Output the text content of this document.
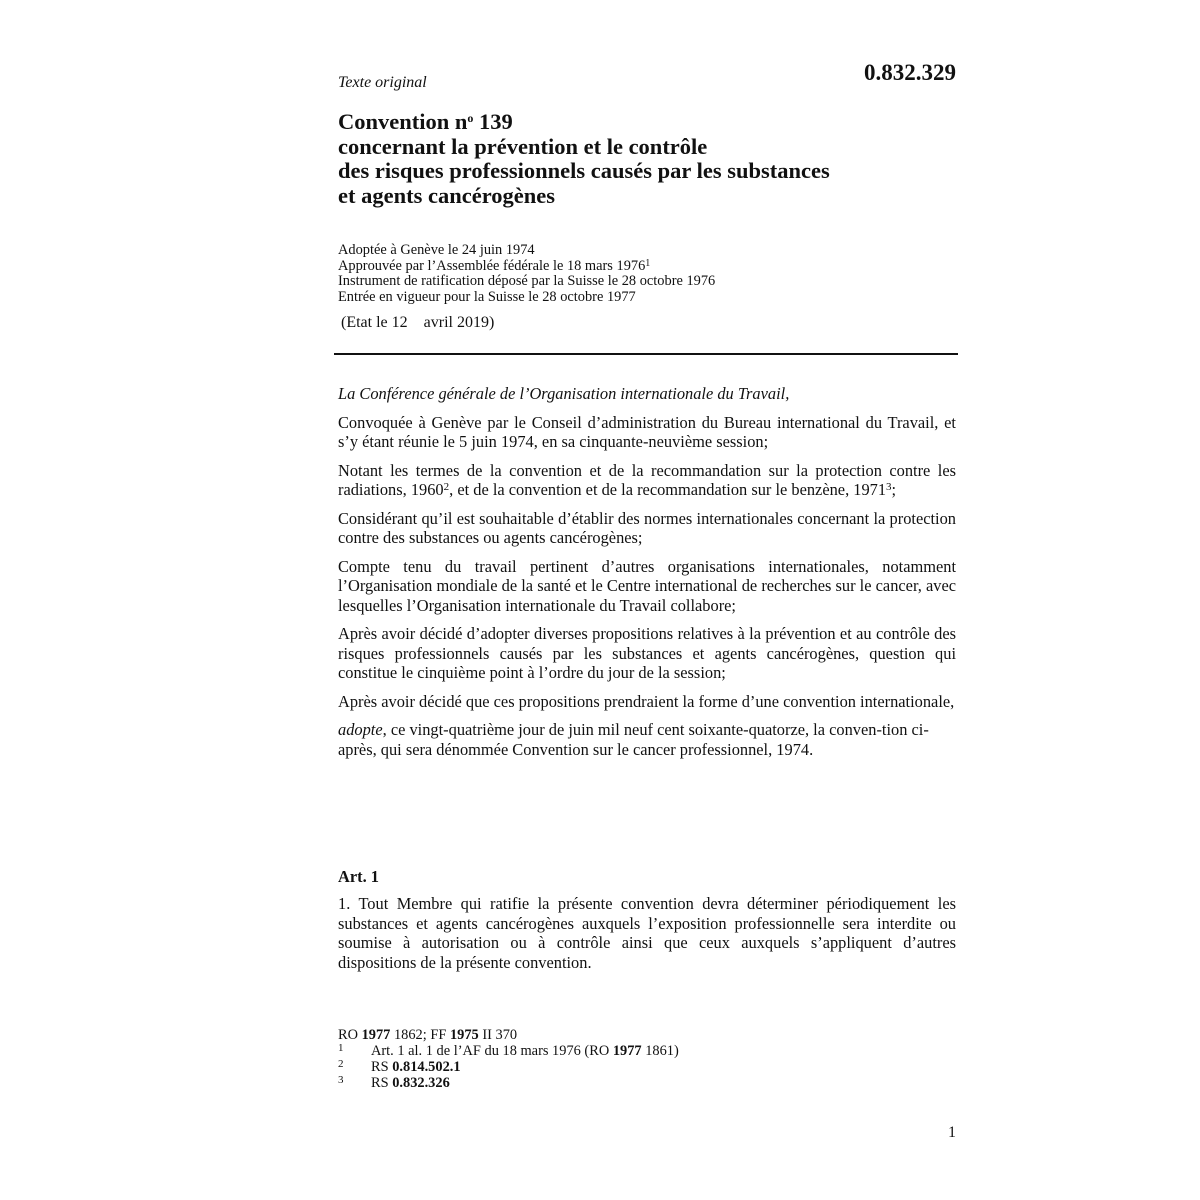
0.832.329
Texte original
Convention $n^o$ 139
concernant la prévention et le contrôle
des risques professionnels causés par les substances
et agents cancérogènes
Adoptée à Genève le 24 juin 1974
Approuvée par l’Assemblée fédérale le 18 mars 1976$^1$
Instrument de ratification déposé par la Suisse le 28 octobre 1976
Entrée en vigueur pour la Suisse le 28 octobre 1977
(Etat le 12    avril 2019)

La Conférence générale de l’Organisation internationale du Travail,

Convoquée à Genève par le Conseil d’administration du Bureau international du Travail, et s’y étant réunie le 5 juin 1974, en sa cinquante-neuvième session;

Notant les termes de la convention et de la recommandation sur la protection contre les radiations, 1960$^2$, et de la convention et de la recommandation sur le benzène, 1971$^3$;

Considérant qu’il est souhaitable d’établir des normes internationales concernant la protection contre des substances ou agents cancérogènes;

Compte tenu du travail pertinent d’autres organisations internationales, notamment l’Organisation mondiale de la santé et le Centre international de recherches sur le cancer, avec lesquelles l’Organisation internationale du Travail collabore;

Après avoir décidé d’adopter diverses propositions relatives à la prévention et au contrôle des risques professionnels causés par les substances et agents cancérogènes, question qui constitue le cinquième point à l’ordre du jour de la session;

Après avoir décidé que ces propositions prendraient la forme d’une convention internationale,

adopte, ce vingt-quatrième jour de juin mil neuf cent soixante-quatorze, la conven-tion ci-après, qui sera dénommée Convention sur le cancer professionnel, 1974.

Art. 1
1. Tout Membre qui ratifie la présente convention devra déterminer périodiquement les substances et agents cancérogènes auxquels l’exposition professionnelle sera interdite ou soumise à autorisation ou à contrôle ainsi que ceux auxquels s’appliquent d’autres dispositions de la présente convention.
RO 1977 1862; FF 1975 II 370
1	Art. 1 al. 1 de l’AF du 18 mars 1976 (RO 1977 1861)
2	RS 0.814.502.1
3	RS 0.832.326
1
